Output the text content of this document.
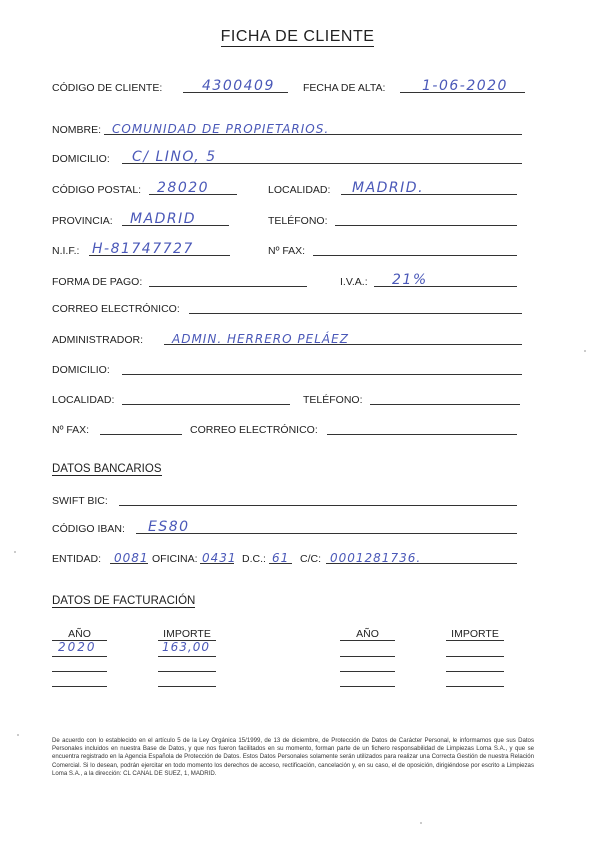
FICHA DE CLIENTE
CÓDIGO DE CLIENTE:	4300409	FECHA DE ALTA:	1-06-2020
NOMBRE: COMUNIDAD DE PROPIETARIOS.
DOMICILIO: C/ LINO, 5
CÓDIGO POSTAL: 28020	LOCALIDAD: MADRID.
PROVINCIA: MADRID	TELÉFONO:
N.I.F.: H-81747727	Nº FAX:
FORMA DE PAGO:	I.V.A.: 21%
CORREO ELECTRÓNICO:
ADMINISTRADOR: ADMIN. HERRERO PELÁEZ
DOMICILIO:
LOCALIDAD:	TELÉFONO:
Nº FAX:	CORREO ELECTRÓNICO:
DATOS BANCARIOS
SWIFT BIC:
CÓDIGO IBAN: ES80
ENTIDAD: 0081 OFICINA: 0431 D.C.: 61 C/C: 0001281736.
DATOS DE FACTURACIÓN
AÑO	IMPORTE	AÑO	IMPORTE
2020	163,00
De acuerdo con lo establecido en el artículo 5 de la Ley Orgánica 15/1999, de 13 de diciembre, de Protección de Datos de Carácter Personal, le informamos que sus Datos Personales incluidos en nuestra Base de Datos, y que nos fueron facilitados en su momento, forman parte de un fichero responsabilidad de Limpiezas Loma S.A., y que se encuentra registrado en la Agencia Española de Protección de Datos. Estos Datos Personales solamente serán utilizados para realizar una Correcta Gestión de nuestra Relación Comercial. Si lo desean, podrán ejercitar en todo momento los derechos de acceso, rectificación, cancelación y, en su caso, el de oposición, dirigiéndose por escrito a Limpiezas Loma S.A., a la dirección: CL CANAL DE SUEZ, 1, MADRID.
